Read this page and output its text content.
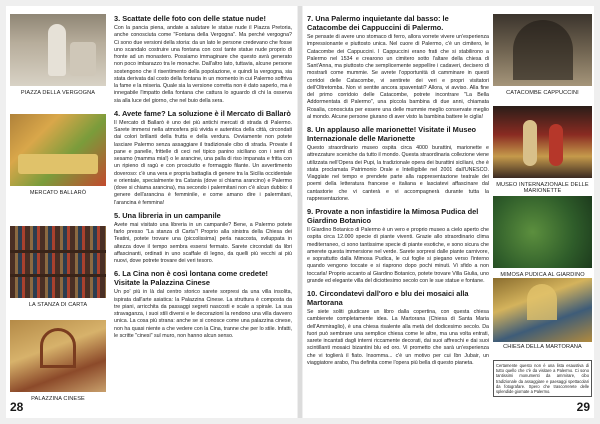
PIAZZA DELLA VERGOGNA
MERCATO BALLARÒ
LA STANZA DI CARTA
PALAZZINA CINESE
3. Scattate delle foto con delle statue nude!

Con la pancia piena, andate a salutare le statue nude il Piazza Pretoria, anche conosciuta come "Fontana della Vergogna". Ma perché vergogna? Ci sono due versioni della storia: da un lato le persone credevano che fosse uno scandalo costruire una fontana con così tante statue nude proprio di fronte ad un monastero. Possiamo immaginare che questo avrà generato non poco imbarazzo tra le monache. Dall'altro lato, tuttavia, alcune persone sostengono che il risentimento della popolazione, e quindi la vergogna, sia stata derivata dal costo della fontana in un momento in cui Palermo soffriva la fame e la miseria. Quale sia la versione corretta non è dato saperlo, ma è innegabile l'impatto della fontana che cattura lo sguardo di chi la osserva sia alla luce del giorno, che nel buio della sera.

4. Avete fame? La soluzione è il Mercato di Ballarò

Il Mercato di Ballarò è uno dei più antichi mercati di strada di Palermo. Sarete immersi nella atmosfera più vivida e autentica della città, circondati dai colori brillanti della frutta e della verdura. Ovviamente non potete lasciare Palermo senza assaggiare il tradizionale cibo di strada. Provate il pane e panelle, frittelle di ceci nel tipico panino siciliano con i semi di sesamo (mamma mia!) o le arancine, una palla di riso impanata e fritta con un ripieno di ragù e con prosciutto e formaggio filante. Un avvertimento doveroso: c'è una vera e propria battaglia di genere tra la Sicilia occidentale e orientale, specialmente tra Catania (dove si chiama arancino) e Palermo (dove si chiama arancina), ma secondo i palermitani non c'è alcun dubbio: il genere dell'arancina è femminile, e come amano dire i palermitani, l'arancina è femmina!

5. Una libreria in un campanile

Avete mai visitato una libreria in un campanile? Bene, a Palermo potete farlo presso "La stanza di Carta"! Proprio alla sinistra della Chiesa dei Teatini, potete trovare una (piccolissima) perla nascosta, sviluppata in altezza dove il tempo sembra essersi fermato. Sarete circondati da libri affascinanti, ordinati in uno scaffale di legno, da quelli più vecchi ai più nuovi, dove potrete trovare dei veri tesoro.

6. La Cina non è così lontana come credete! Visitate la Palazzina Cinese

Un po' più in là dal centro storico sarete sorpresi da una villa insolita, ispirata dall'arte asiatica: la Palazzina Cinese. La struttura è composta da tre piani, arricchita da passaggi segreti nascosti e scale a spirale. La sua stravaganza, i suoi stili diversi e le decorazioni la rendono una villa davvero unica. La cosa più strana: anche se si conosce come una palazzina cinese, non ha quasi niente a che vedere con la Cina, tranne che per lo stile. Infatti, le scritte "cinesi" sul muro, non hanno alcun senso.

28
7. Una Palermo inquietante dal basso: le Catacombe dei Cappuccini di Palermo.

Se pensate di avere uno stomaco di ferro, allora vorrete vivere un'esperienza impressionante e piuttosto unica. Nel cuore di Palermo, c'è un cimitero, le Catacombe dei Cappuccini. I Cappuccini erano frati che si stabilirono a Palermo nel 1534 e crearono un cimitero sotto l'altare della chiesa di Sant'Anna, ma piuttosto che semplicemente seppellire i cadaveri, decisero di mostrarli come mummie. Se avrete l'opportunità di camminare in questi corridoi delle Catacombe, vi sentirete dei veri e propri visitatori dell'Oltretomba. Non vi sentite ancora spaventati? Allora, vi avviso. Alla fine del primo corridoio delle Catacombe, potrete incontrare "La Bella Addormentata di Palermo", una piccola bambina di due anni, chiamata Rosalia, conosciuta per essere una delle mummie meglio conservate meglio al mondo. Alcune persone giurano di aver visto la bambina battere le ciglia!

8. Un applauso alle marionette! Visitate il Museo Internazionale delle Marionette

Questo straordinario museo ospita circa 4000 burattini, marionette e attrezzature sceniche da tutto il mondo. Questa straordinaria collezione viene utilizzata nell'Opera dei Pupi, la tradizionale opera dei burattini siciliani, che è stata proclamata Patrimonio Orale e Intelligibile nel 2001 dall'UNESCO. Viaggiate nel tempo e prendete parte alla rappresentazione teatrale dei poemi della letteratura francese e italiana e lasciatevi affascinare dal cantastorie che vi canterà e vi accompagnerà durante tutta la rappresentazione.

9. Provate a non infastidire la Mimosa Pudica del Giardino Botanico

Il Giardino Botanico di Palermo è un vero e proprio museo a cielo aperto che ospita circa 12.000 specie di piante viventi. Grazie allo straordinario clima mediterraneo, ci sono tantissime specie di piante esotiche, e sono sicura che amerete questa immersione nel verde. Sarete sorpresi dalle piante carnivore, e soprattutto dalla Mimosa Pudica, le cui foglie si piegano verso l'interno quando vengono toccate e si riaprono dopo pochi minuti. Vi sfido a non toccarla! Proprio accanto al Giardino Botanico, potete trovare Villa Giulia, uno grande ed elegante villa del diciottesimo secolo con le sue statue e fontane.

10. Circondatevi dall'oro e blu dei mosaici alla Martorana

Se siete soliti giudicare un libro dalla copertina, con questa chiesa cambierete completamente idea. La Martorana (Chiesa di Santa Maria dell'Ammiraglio), è una chiesa risalente alla metà del dodicesimo secolo. Da fuori può sembrare una semplice chiesa come le altre, ma una volta entrati, sarete incantati dagli interni riccamente decorati, dai suoi affreschi e dai suoi scintillanti mosaici bizantini blu ed oro. Vi prometto che sarà un'esperienza che vi toglierà il fiato. Insomma... c'è un motivo per cui Ibn Jubair, un viaggiatore arabo, l'ha definita come l'opera più bella di questo pianeta.

CATACOMBE CAPPUCCINI
MUSEO INTERNAZIONALE DELLE MARIONETTE
MIMOSA PUDICA AL GIARDINO
CHIESA DELLA MARTORANA
Certamente questo non è una lista esaustiva di tutto quello che c'è da visitare a Palermo. Ci sono tantissimi monumenti da ammirare, cibo tradizionale da assaggiare e paesaggi spettacolari da fotografare. Spero che trascorrerete delle splendide giornate a Palermo.
29
